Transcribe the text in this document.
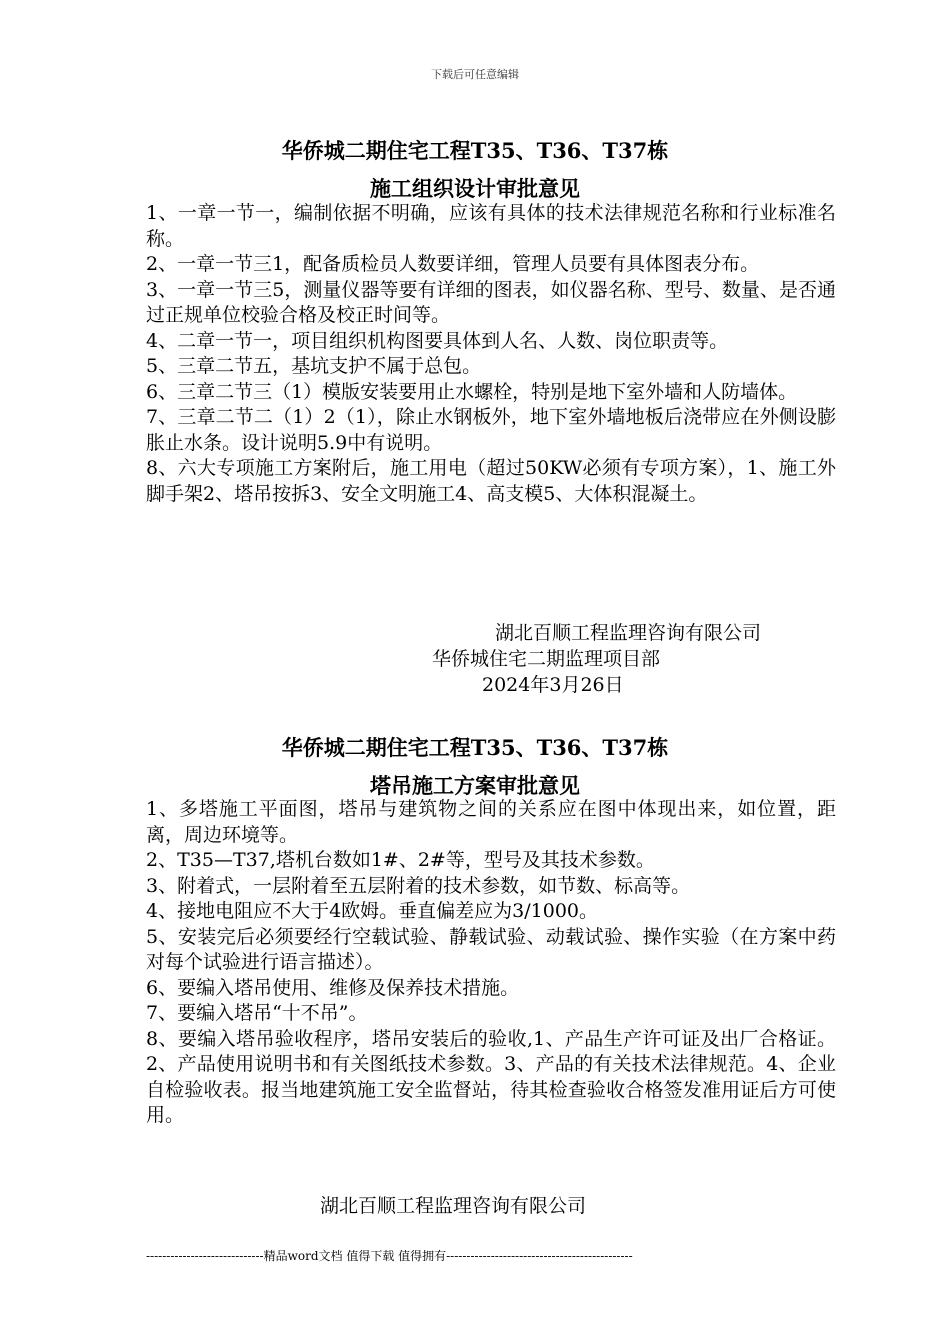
下载后可任意编辑
华侨城二期住宅工程T35、T36、T37栋
施工组织设计审批意见
1、一章一节一，编制依据不明确，应该有具体的技术法律规范名称和行业标准名称。
2、一章一节三1，配备质检员人数要详细，管理人员要有具体图表分布。
3、一章一节三5，测量仪器等要有详细的图表，如仪器名称、型号、数量、是否通过正规单位校验合格及校正时间等。
4、二章一节一，项目组织机构图要具体到人名、人数、岗位职责等。
5、三章二节五，基坑支护不属于总包。
6、三章二节三（1）模版安装要用止水螺栓，特别是地下室外墙和人防墙体。
7、三章二节二（1）2（1），除止水钢板外，地下室外墙地板后浇带应在外侧设膨胀止水条。设计说明5.9中有说明。
8、六大专项施工方案附后，施工用电（超过50KW必须有专项方案），1、施工外脚手架2、塔吊按拆3、安全文明施工4、高支模5、大体积混凝土。
湖北百顺工程监理咨询有限公司
华侨城住宅二期监理项目部
2024年3月26日
华侨城二期住宅工程T35、T36、T37栋
塔吊施工方案审批意见
1、多塔施工平面图，塔吊与建筑物之间的关系应在图中体现出来，如位置，距离，周边环境等。
2、T35—T37,塔机台数如1#、2#等，型号及其技术参数。
3、附着式，一层附着至五层附着的技术参数，如节数、标高等。
4、接地电阻应不大于4欧姆。垂直偏差应为3/1000。
5、安装完后必须要经行空载试验、静载试验、动载试验、操作实验（在方案中药对每个试验进行语言描述）。
6、要编入塔吊使用、维修及保养技术措施。
7、要编入塔吊“十不吊”。
8、要编入塔吊验收程序，塔吊安装后的验收,1、产品生产许可证及出厂合格证。2、产品使用说明书和有关图纸技术参数。3、产品的有关技术法律规范。4、企业自检验收表。报当地建筑施工安全监督站，待其检查验收合格签发准用证后方可使用。
湖北百顺工程监理咨询有限公司
-----------------------------精品word文档 值得下载 值得拥有----------------------------------------------
